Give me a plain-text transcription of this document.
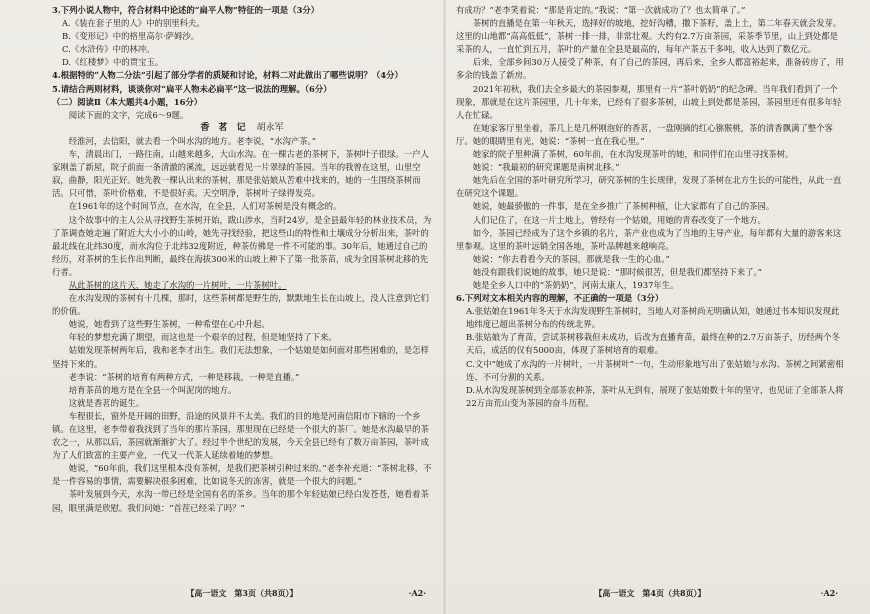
3.下列小说人物中，符合材料中论述的“扁平人物”特征的一项是（3分）

A.《装在套子里的人》中的别里科夫。

B.《变形记》中的格里高尔·萨姆沙。

C.《水浒传》中的林冲。

D.《红楼梦》中的贾宝玉。

4.根据特的“人物二分法”引起了部分学者的质疑和讨论，材料二对此做出了哪些说明？（4分）

5.请结合两则材料，谈谈你对“扁平人物未必扁平”这一说法的理解。（6分）

（二）阅读Ⅱ（本大题共4小题，16分）

阅读下面的文字，完成6～9题。

香 茗 记 胡永军

经淮河，去信阳，就去看一个叫水沟的地方。老李说，“水沟产茶。”

车，清晨出门，一路往南，山越来越多，大山水沟。在一棵古老的茶树下，茶树叶子很绿。一户人家刚盖了新屋，院子前面一条清澈的溪流，远远就看见一片翠绿的茶园。当年的我曾在这里，山里空寂，曲静，阳光正好。她先教一棵认出来的茶树，那是张姑娘从苦难中找来的，她的一生围绕茶树而活。只可惜，茶叶价格难，不是很好卖。天空明净，茶树叶子绿得发亮。

在1961年的这个时间节点，在水沟，在全县，人们对茶树是没有概念的。

这个故事中的主人公从寻找野生茶树开始，跋山涉水，当时24岁，是全县最年轻的林业技术员，为了茶调查她走遍了附近大大小小的山岭，她先寻找经验，把这些山的特性和土壤成分分析出来，茶叶的最北线在北纬30度，而水沟位于北纬32度附近，种茶仿佛是一件不可能的事。30年后，她通过自己的经历，对茶树的生长作出判断，最终在海拔300米的山坡上种下了第一批茶苗，成为全国茶树北移的先行者。

从此茶树的这片天，她走了水沟的一片树叶，一片茶树叶。

在水沟发现的茶树有十几棵，那时，这些茶树都是野生的，默默地生长在山坡上，没人注意到它们的价值。

她说，她看到了这些野生茶树，一种希望在心中升起。

年轻的梦想充满了期望，而这也是一个艰辛的过程，但是她坚持了下来。

姑娘发现茶树两年后，我和老李才出生。我们无法想象，一个姑娘是如何面对那些困难的，是怎样坚持下来的。

老李说：“茶树的培育有两种方式，一种是移栽，一种是直播。”

培育茶苗的地方是在全县一个叫泥岗的地方。

这就是香茗的诞生。

车程很长，窗外是开阔的田野，沿途的风景并不太美。我们的目的地是河南信阳市下辖的一个乡镇。在这里，老李带着我找到了当年的那片茶园，那里现在已经是一个很大的茶厂。她是水沟最早的茶农之一，从那以后，茶园就渐渐扩大了。经过半个世纪的发展，今天全县已经有了数万亩茶园，茶叶成为了人们致富的主要产业，一代又一代茶人延续着她的梦想。

她说，“60年前，我们这里根本没有茶树，是我们把茶树引种过来的。”老李补充道：“茶树北移，不是一件容易的事情，需要解决很多困难，比如说冬天的冻害，就是一个很大的问题。”

茶叶发展到今天，水沟一带已经是全国有名的茶乡。当年的那个年轻姑娘已经白发苍苍，她看着茶园，眼里满是欣慰。我们问她：“首茬已经采了吗？”

【高一语文　第3页（共8页）】	·A2·

有成功？”老李笑着说：“那是肯定的。”我说：“第一次就成功了？也太简单了。”

茶树的直播是在第一年秋天，选择好的坡地，挖好沟槽，撒下茶籽，盖上土，第二年春天就会发芽。这里的山地都“高高低低”，茶树一排一排，非常壮观。大约有2.7万亩茶园，采茶季节里，山上到处都是采茶的人，一直忙到五月，茶叶的产量在全县是最高的，每年产茶五千多吨，收入达到了数亿元。

后来，全部乡间30万人接受了种茶，有了自己的茶园，再后来，全乡人都富裕起来，准备砖房了，用多余的钱盖了新房。

2021年初秋，我们去全乡最大的茶园参观，那里有一片“茶叶奶奶”的纪念碑。当年我们看到了一个现象，那就是在这片茶园里，几十年来，已经有了很多茶树，山坡上到处都是茶园，茶园里还有很多年轻人在忙碌。

在她家客厅里坐着，茶几上是几杯刚泡好的香茗，一盘刚摘的红心猕猴桃，茶的清香飘满了整个客厅。她的眼睛里有光，她说：“茶树一直在我心里。”

她家的院子里种满了茶树，60年前，在水沟发现茶叶的她，和同伴们在山里寻找茶树。

她说：“我最初的研究课题是南树北移。”

她先后在全国的茶叶研究所学习，研究茶树的生长规律，发现了茶树在北方生长的可能性，从此一直在研究这个课题。

她说，她最骄傲的一件事，是在全乡推广了茶树种植，让大家都有了自己的茶园。

人们记住了，在这一片土地上，曾经有一个姑娘，用她的青春改变了一个地方。

如今，茶园已经成为了这个乡镇的名片，茶产业也成为了当地的主导产业，每年都有大量的游客来这里参观。这里的茶叶远销全国各地，茶叶品牌越来越响亮。

她说：“你去看看今天的茶园，那就是我一生的心血。”

她没有跟我们说她的故事，她只是说：“那时候很苦，但是我们都坚持下来了。”

她是全乡人口中的“茶奶奶”，河南太康人，1937年生。

6.下列对文本相关内容的理解，不正确的一项是（3分）

A.张姑娘在1961年冬天于水沟发现野生茶树时，当地人对茶树尚无明确认知，她通过书本知识发现此地纬度已超出茶树分布的传统北界。

B.张姑娘为了育苗，尝试茶树移栽但未成功，后改为直播育苗，最终在种的2.7万亩茶子，历经两个冬天后，成活的仅有5000亩，体现了茶树培育的艰难。

C.文中“她成了水沟的一片树叶，一片茶树叶”一句，生动形象地写出了张姑娘与水沟、茶树之间紧密相连、不可分割的关系。

D.从水沟发现茶树到全部茶农种茶，茶叶从无到有，展现了张姑娘数十年的坚守，也见证了全部茶人将22万亩荒山变为茶园的奋斗历程。

【高一语文　第4页（共8页）】	·A2·
